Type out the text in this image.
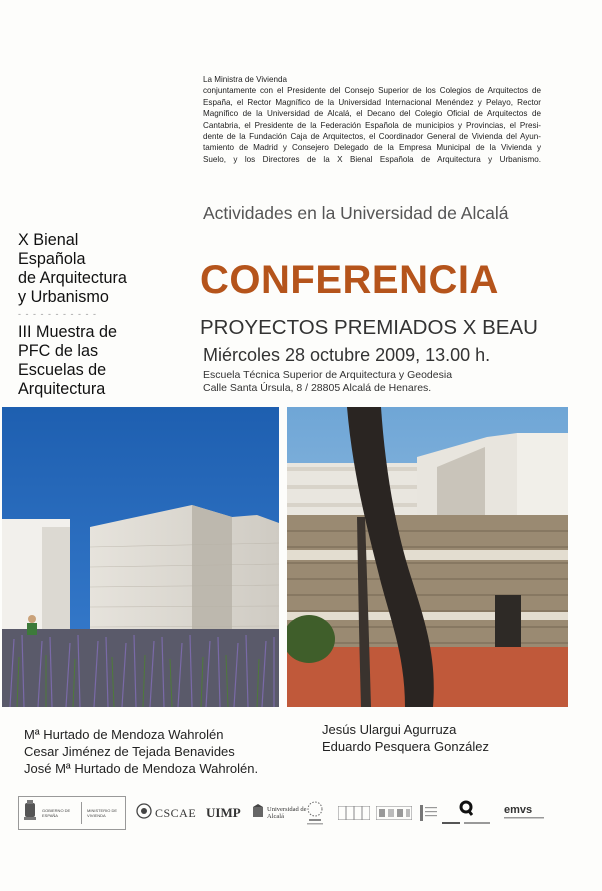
La Ministra de Vivienda
conjuntamente con el Presidente del Consejo Superior de los Colegios de Arquitectos de
España, el Rector Magnífico de la Universidad Internacional Menéndez y Pelayo, Rector
Magnífico de la Universidad de Alcalá, el Decano del Colegio Oficial de Arquitectos de
Cantabria, el Presidente de la Federación Española de municipios y Provincias, el Presi-
dente de la Fundación Caja de Arquitectos, el Coordinador General de Vivienda del Ayun-
tamiento de Madrid y Consejero Delegado de la Empresa Municipal de la Vivienda y
Suelo, y los Directores de la X Bienal Española de Arquitectura y Urbanismo.
X Bienal
Española
de Arquitectura
y Urbanismo
- - - - - - - - - - -
III Muestra de
PFC de las
Escuelas de
Arquitectura
Actividades en la Universidad de Alcalá
CONFERENCIA
PROYECTOS PREMIADOS X BEAU
Miércoles 28 octubre 2009, 13.00 h.
Escuela Técnica Superior de Arquitectura y Geodesia
Calle Santa Úrsula, 8 / 28805 Alcalá de Henares.
Mª Hurtado de Mendoza Wahrolén
Cesar Jiménez de Tejada Benavides
José Mª Hurtado de Mendoza Wahrolén.
Jesús Ulargui Agurruza
Eduardo Pesquera González
GOBIERNO DE ESPAÑA
MINISTERIO DE VIVIENDA	CSCAE UIMP	Universidad de Alcalá
emvs
